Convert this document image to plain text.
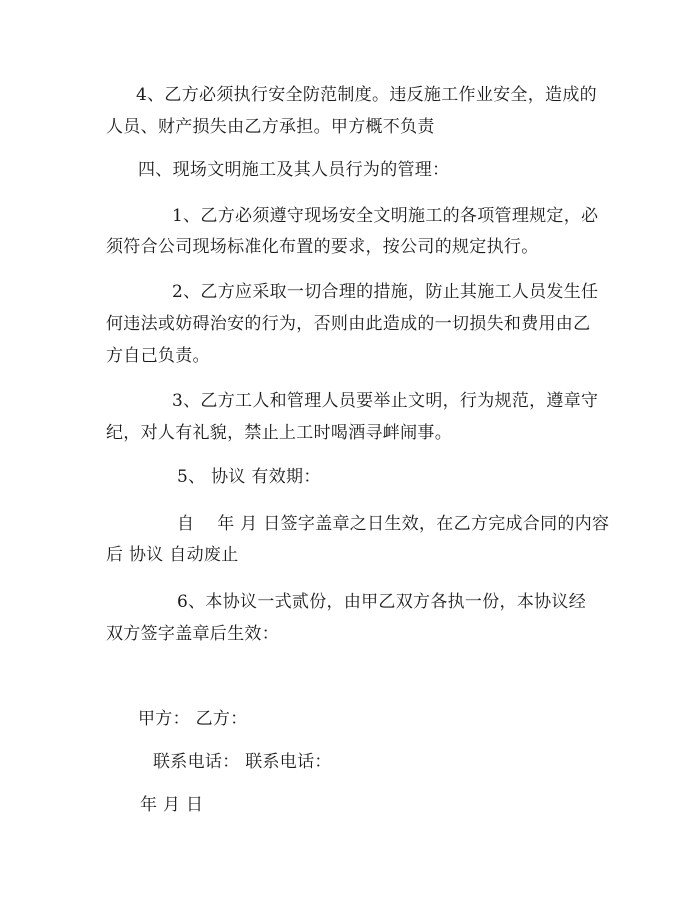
4、乙方必须执行安全防范制度。违反施工作业安全，造成的
人员、财产损失由乙方承担。甲方概不负责
四、现场文明施工及其人员行为的管理：
1、乙方必须遵守现场安全文明施工的各项管理规定，必
须符合公司现场标准化布置的要求，按公司的规定执行。
2、乙方应采取一切合理的措施，防止其施工人员发生任
何违法或妨碍治安的行为，否则由此造成的一切损失和费用由乙
方自己负责。
3、乙方工人和管理人员要举止文明，行为规范，遵章守
纪，对人有礼貌，禁止上工时喝酒寻衅闹事。
5、 协议 有效期：
自　 年 月 日签字盖章之日生效，在乙方完成合同的内容
后 协议 自动废止
6、本协议一式贰份，由甲乙双方各执一份，本协议经
双方签字盖章后生效：
甲方： 乙方：
联系电话： 联系电话：
年 月 日
